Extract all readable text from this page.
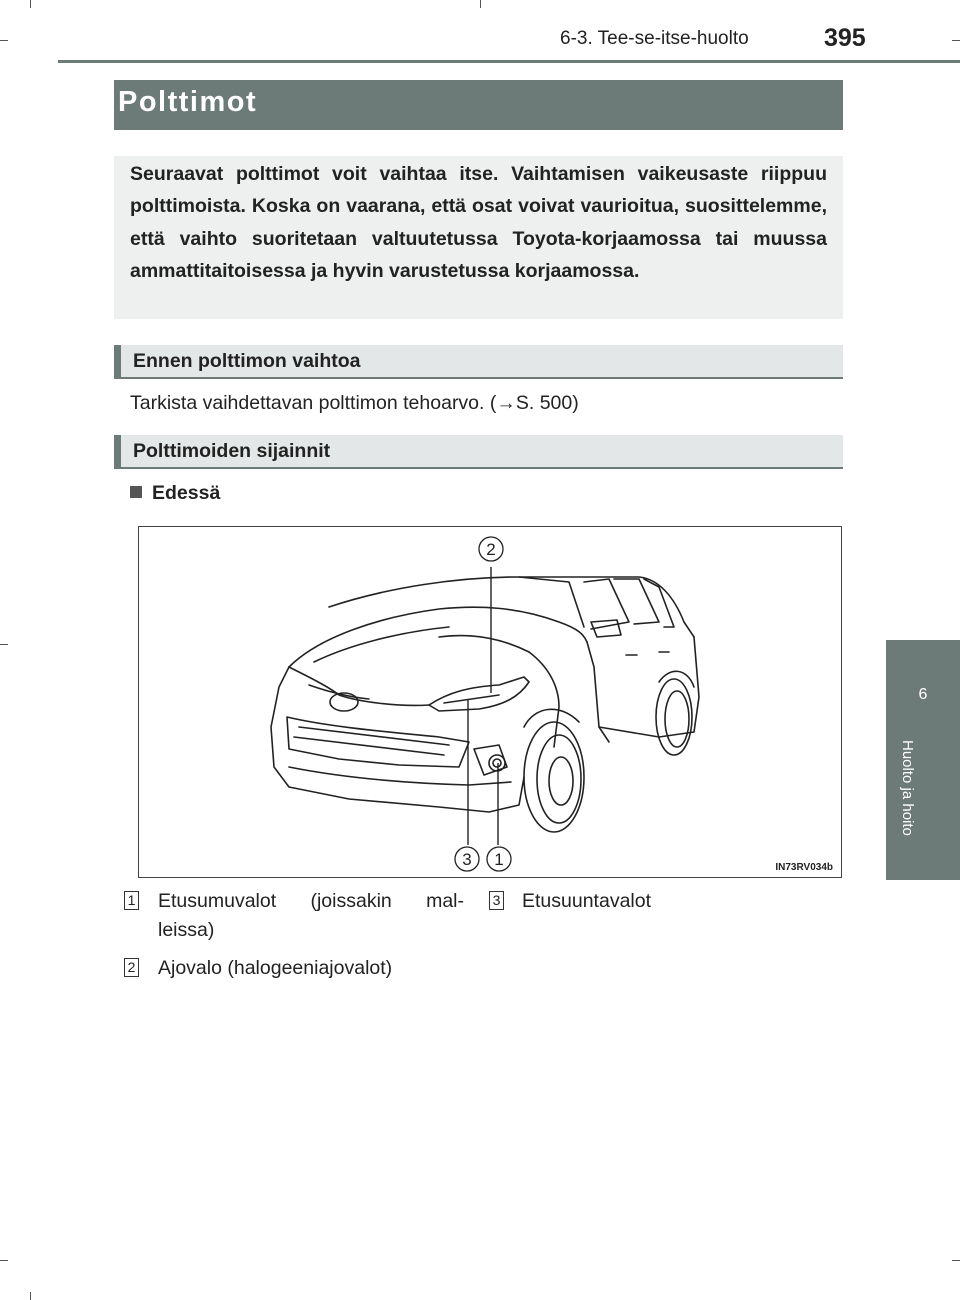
6-3. Tee-se-itse-huolto	395
Polttimot
Seuraavat polttimot voit vaihtaa itse. Vaihtamisen vaikeusaste riippuu polttimoista. Koska on vaarana, että osat voivat vaurioitua, suosittelemme, että vaihto suoritetaan valtuutetussa Toyota-korjaamossa tai muussa ammattitaitoisessa ja hyvin varustetussa korjaamossa.
Ennen polttimon vaihtoa
Tarkista vaihdettavan polttimon tehoarvo. (→S. 500)
Polttimoiden sijainnit
Edessä
2
3 1	IN73RV034b
1 Etusumuvalot (joissakin mal-
leissa)
2 Ajovalo (halogeeniajovalot)
3 Etusuuntavalot
6
Huolto ja hoito
